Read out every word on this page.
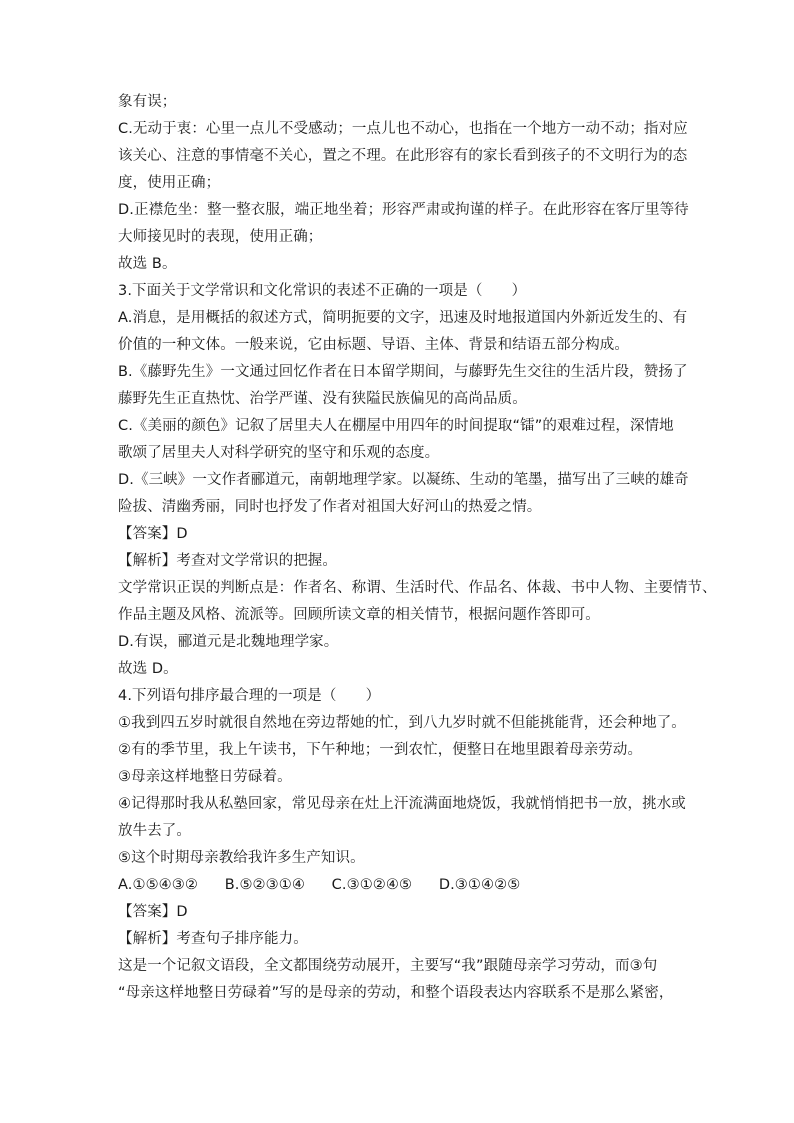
象有误；
C.无动于衷：心里一点儿不受感动；一点儿也不动心，也指在一个地方一动不动；指对应
该关心、注意的事情毫不关心，置之不理。在此形容有的家长看到孩子的不文明行为的态
度，使用正确；
D.正襟危坐：整一整衣服，端正地坐着；形容严肃或拘谨的样子。在此形容在客厅里等待
大师接见时的表现，使用正确；
故选 B。
3.下面关于文学常识和文化常识的表述不正确的一项是（　　）
A.消息，是用概括的叙述方式，简明扼要的文字，迅速及时地报道国内外新近发生的、有
价值的一种文体。一般来说，它由标题、导语、主体、背景和结语五部分构成。
B.《藤野先生》一文通过回忆作者在日本留学期间，与藤野先生交往的生活片段，赞扬了
藤野先生正直热忱、治学严谨、没有狭隘民族偏见的高尚品质。
C.《美丽的颜色》记叙了居里夫人在棚屋中用四年的时间提取“镭”的艰难过程，深情地
歌颂了居里夫人对科学研究的坚守和乐观的态度。
D.《三峡》一文作者郦道元，南朝地理学家。以凝练、生动的笔墨，描写出了三峡的雄奇
险拔、清幽秀丽，同时也抒发了作者对祖国大好河山的热爱之情。
【答案】D
【解析】考查对文学常识的把握。
文学常识正误的判断点是：作者名、称谓、生活时代、作品名、体裁、书中人物、主要情节、
作品主题及风格、流派等。回顾所读文章的相关情节，根据问题作答即可。
D.有误，郦道元是北魏地理学家。
故选 D。
4.下列语句排序最合理的一项是（　　）
①我到四五岁时就很自然地在旁边帮她的忙，到八九岁时就不但能挑能背，还会种地了。
②有的季节里，我上午读书，下午种地；一到农忙，便整日在地里跟着母亲劳动。
③母亲这样地整日劳碌着。
④记得那时我从私塾回家，常见母亲在灶上汗流满面地烧饭，我就悄悄把书一放，挑水或
放牛去了。
⑤这个时期母亲教给我许多生产知识。
A.①⑤④③② B.⑤②③①④ C.③①②④⑤ D.③①④②⑤
【答案】D
【解析】考查句子排序能力。
这是一个记叙文语段，全文都围绕劳动展开，主要写“我”跟随母亲学习劳动，而③句
“母亲这样地整日劳碌着”写的是母亲的劳动，和整个语段表达内容联系不是那么紧密，
